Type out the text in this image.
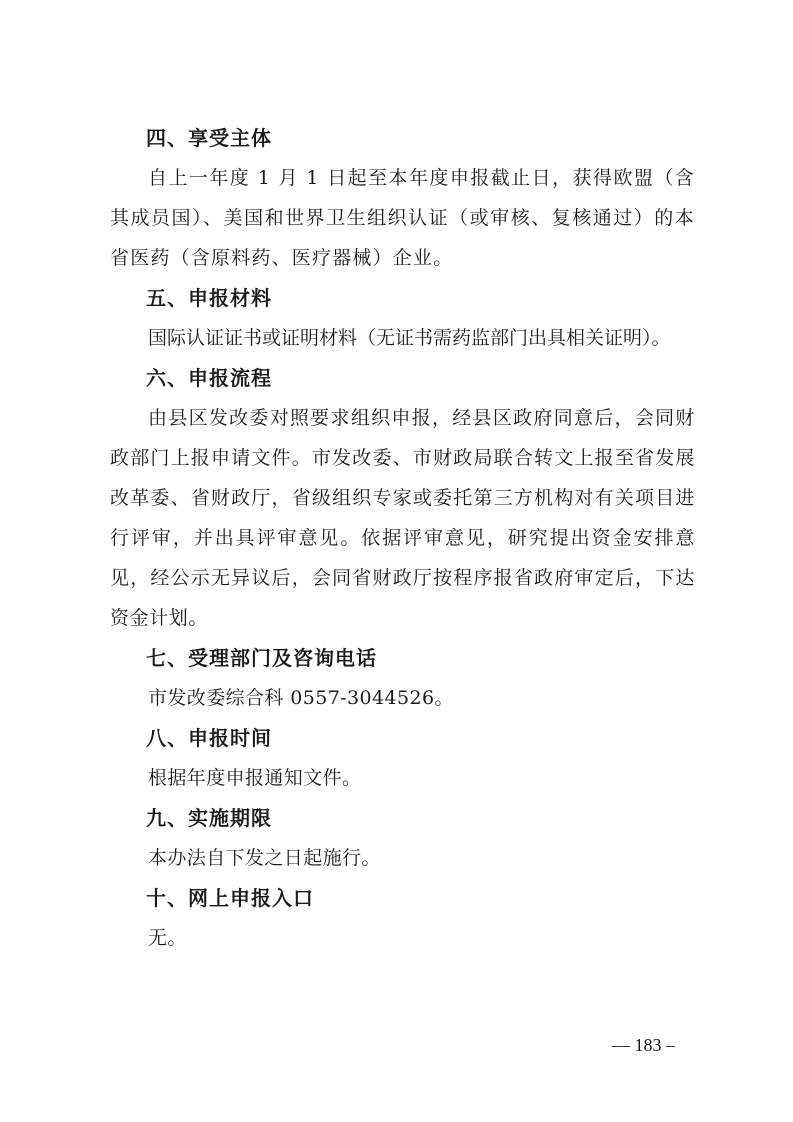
四、享受主体
自上一年度 1 月 1 日起至本年度申报截止日，获得欧盟（含其成员国）、美国和世界卫生组织认证（或审核、复核通过）的本省医药（含原料药、医疗器械）企业。
五、申报材料
国际认证证书或证明材料（无证书需药监部门出具相关证明）。
六、申报流程
由县区发改委对照要求组织申报，经县区政府同意后，会同财政部门上报申请文件。市发改委、市财政局联合转文上报至省发展改革委、省财政厅，省级组织专家或委托第三方机构对有关项目进行评审，并出具评审意见。依据评审意见，研究提出资金安排意见，经公示无异议后，会同省财政厅按程序报省政府审定后，下达资金计划。
七、受理部门及咨询电话
市发改委综合科 0557-3044526。
八、申报时间
根据年度申报通知文件。
九、实施期限
本办法自下发之日起施行。
十、网上申报入口
无。
— 183 –
